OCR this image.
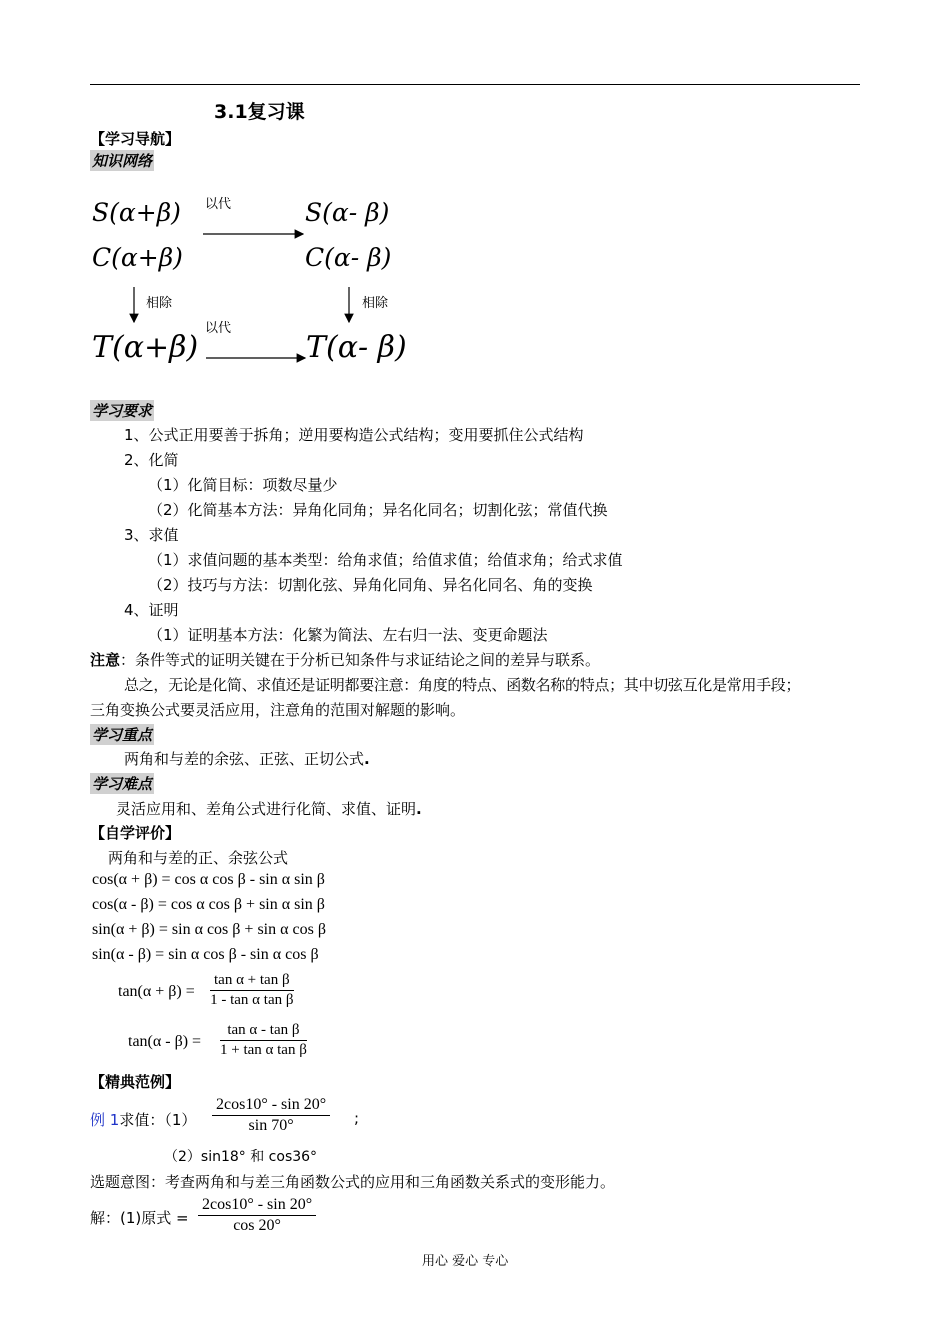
3.1复习课
【学习导航】
知识网络
S(α+β)	S(α- β)
C(α+β)	C(α- β)
T(α+β)	T(α- β)
以代
以代
相除	相除
学习要求
1、公式正用要善于拆角；逆用要构造公式结构；变用要抓住公式结构
2、化简
（1）化简目标：项数尽量少
（2）化简基本方法：异角化同角；异名化同名；切割化弦；常值代换
3、求值
（1）求值问题的基本类型：给角求值；给值求值；给值求角；给式求值
（2）技巧与方法：切割化弦、异角化同角、异名化同名、角的变换
4、证明
（1）证明基本方法：化繁为简法、左右归一法、变更命题法
注意：条件等式的证明关键在于分析已知条件与求证结论之间的差异与联系。
总之，无论是化简、求值还是证明都要注意：角度的特点、函数名称的特点；其中切弦互化是常用手段；
三角变换公式要灵活应用，注意角的范围对解题的影响。
学习重点
两角和与差的余弦、正弦、正切公式.
学习难点
灵活应用和、差角公式进行化简、求值、证明.
【自学评价】
两角和与差的正、余弦公式
cos(α + β) = cos α cos β - sin α sin β
cos(α - β) = cos α cos β + sin α sin β
sin(α + β) = sin α cos β + sin α cos β
sin(α - β) = sin α cos β - sin α cos β
$\tan(\alpha + \beta) = \frac{\text{tan α + tan β}}{\text{1 - tan α tan β}}$
$\tan(\alpha - \beta) = \frac{\text{tan α - tan β}}{\text{1 + tan α tan β}}$
【精典范例】
例 1求值：$(1) \frac{2\cos 10^\circ - \sin 20^\circ}{\sin 70^\circ}$ ;
（2）sin18° 和 cos36°
选题意图：考查两角和与差三角函数公式的应用和三角函数关系式的变形能力。
解：(1)原式 = $\frac{2\cos 10^\circ - \sin 20^\circ}{\cos 20^\circ}$
用心 爱心 专心
